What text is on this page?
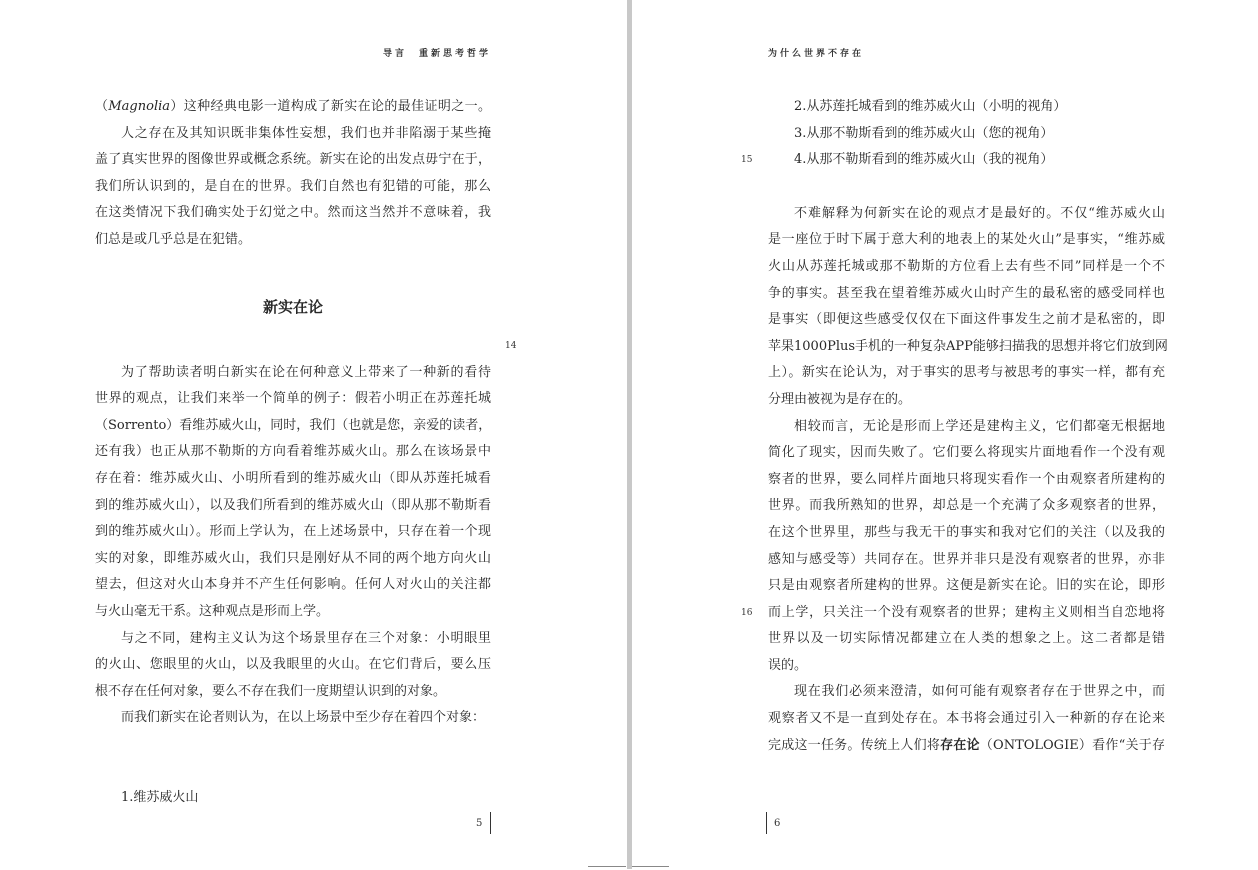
导言　重新思考哲学

（Magnolia）这种经典电影一道构成了新实在论的最佳证明之一。

人之存在及其知识既非集体性妄想，我们也并非陷溺于某些掩

盖了真实世界的图像世界或概念系统。新实在论的出发点毋宁在于，

我们所认识到的，是自在的世界。我们自然也有犯错的可能，那么

在这类情况下我们确实处于幻觉之中。然而这当然并不意味着，我

们总是或几乎总是在犯错。

新实在论

为了帮助读者明白新实在论在何种意义上带来了一种新的看待

世界的观点，让我们来举一个简单的例子：假若小明正在苏莲托城

（Sorrento）看维苏威火山，同时，我们（也就是您，亲爱的读者，

还有我）也正从那不勒斯的方向看着维苏威火山。那么在该场景中

存在着：维苏威火山、小明所看到的维苏威火山（即从苏莲托城看

到的维苏威火山），以及我们所看到的维苏威火山（即从那不勒斯看

到的维苏威火山）。形而上学认为，在上述场景中，只存在着一个现

实的对象，即维苏威火山，我们只是刚好从不同的两个地方向火山

望去，但这对火山本身并不产生任何影响。任何人对火山的关注都

与火山毫无干系。这种观点是形而上学。

与之不同，建构主义认为这个场景里存在三个对象：小明眼里

的火山、您眼里的火山，以及我眼里的火山。在它们背后，要么压

根不存在任何对象，要么不存在我们一度期望认识到的对象。

而我们新实在论者则认为，在以上场景中至少存在着四个对象：

1.维苏威火山

14
5
为什么世界不存在

2.从苏莲托城看到的维苏威火山（小明的视角）

3.从那不勒斯看到的维苏威火山（您的视角）

4.从那不勒斯看到的维苏威火山（我的视角）

不难解释为何新实在论的观点才是最好的。不仅“维苏威火山

是一座位于时下属于意大利的地表上的某处火山”是事实，“维苏威

火山从苏莲托城或那不勒斯的方位看上去有些不同”同样是一个不

争的事实。甚至我在望着维苏威火山时产生的最私密的感受同样也

是事实（即便这些感受仅仅在下面这件事发生之前才是私密的，即

苹果1000Plus手机的一种复杂APP能够扫描我的思想并将它们放到网

上）。新实在论认为，对于事实的思考与被思考的事实一样，都有充

分理由被视为是存在的。

相较而言，无论是形而上学还是建构主义，它们都毫无根据地

简化了现实，因而失败了。它们要么将现实片面地看作一个没有观

察者的世界，要么同样片面地只将现实看作一个由观察者所建构的

世界。而我所熟知的世界，却总是一个充满了众多观察者的世界，

在这个世界里，那些与我无干的事实和我对它们的关注（以及我的

感知与感受等）共同存在。世界并非只是没有观察者的世界，亦非

只是由观察者所建构的世界。这便是新实在论。旧的实在论，即形

而上学，只关注一个没有观察者的世界；建构主义则相当自恋地将

世界以及一切实际情况都建立在人类的想象之上。这二者都是错

误的。

现在我们必须来澄清，如何可能有观察者存在于世界之中，而

观察者又不是一直到处存在。本书将会通过引入一种新的存在论来

完成这一任务。传统上人们将存在论（ONTOLOGIE）看作“关于存

15
16
6
